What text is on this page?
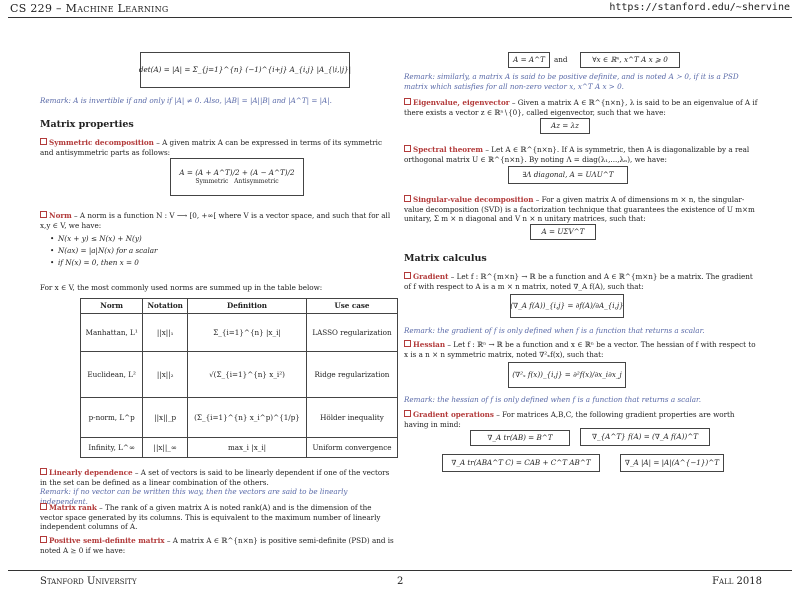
CS 229 – Machine Learning	https://stanford.edu/~shervine
det(A) = |A| = Σ_{j=1}^{n} (−1)^{i+j} A_{i,j} |A_{\i,\j}|
Remark: A is invertible if and only if |A| ≠ 0. Also, |AB| = |A||B| and |A^T| = |A|.
Matrix properties
Symmetric decomposition – A given matrix A can be expressed in terms of its symmetric and antisymmetric parts as follows:
A = (A + A^T)/2 + (A − A^T)/2
Symmetric Antisymmetric
Norm – A norm is a function N : V ⟶ [0, +∞[ where V is a vector space, and such that for all x,y ∈ V, we have:
• N(x + y) ≤ N(x) + N(y)
• N(ax) = |a|N(x) for a scalar
• if N(x) = 0, then x = 0
For x ∈ V, the most commonly used norms are summed up in the table below:
Norm	Notation	Definition	Use case
Manhattan, L¹	||x||₁	Σ_{i=1}^{n} |x_i|	LASSO regularization
Euclidean, L²	||x||₂	√(Σ_{i=1}^{n} x_i²)	Ridge regularization
p-norm, L^p	||x||_p	(Σ_{i=1}^{n} x_i^p)^{1/p}	Hölder inequality
Infinity, L^∞	||x||_∞	max_i |x_i|	Uniform convergence
Linearly dependence – A set of vectors is said to be linearly dependent if one of the vectors in the set can be defined as a linear combination of the others.
Remark: if no vector can be written this way, then the vectors are said to be linearly independent.
Matrix rank – The rank of a given matrix A is noted rank(A) and is the dimension of the vector space generated by its columns. This is equivalent to the maximum number of linearly independent columns of A.
Positive semi-definite matrix – A matrix A ∈ ℝ^{n×n} is positive semi-definite (PSD) and is noted A ⪰ 0 if we have:
A = A^T	and	∀x ∈ ℝⁿ, x^T A x ⩾ 0
Remark: similarly, a matrix A is said to be positive definite, and is noted A ≻ 0, if it is a PSD matrix which satisfies for all non-zero vector x, x^T A x > 0.
Eigenvalue, eigenvector – Given a matrix A ∈ ℝ^{n×n}, λ is said to be an eigenvalue of A if there exists a vector z ∈ ℝⁿ∖{0}, called eigenvector, such that we have:
Az = λz
Spectral theorem – Let A ∈ ℝ^{n×n}. If A is symmetric, then A is diagonalizable by a real orthogonal matrix U ∈ ℝ^{n×n}. By noting Λ = diag(λ₁,...,λₙ), we have:
∃Λ diagonal, A = UΛU^T
Singular-value decomposition – For a given matrix A of dimensions m × n, the singular-value decomposition (SVD) is a factorization technique that guarantees the existence of U m×m unitary, Σ m × n diagonal and V n × n unitary matrices, such that:
A = UΣV^T
Matrix calculus
Gradient – Let f : ℝ^{m×n} → ℝ be a function and A ∈ ℝ^{m×n} be a matrix. The gradient of f with respect to A is a m × n matrix, noted ∇_A f(A), such that:
(∇_A f(A))_{i,j} = ∂f(A)/∂A_{i,j}
Remark: the gradient of f is only defined when f is a function that returns a scalar.
Hessian – Let f : ℝⁿ → ℝ be a function and x ∈ ℝⁿ be a vector. The hessian of f with respect to x is a n × n symmetric matrix, noted ∇²ₓf(x), such that:
(∇²ₓ f(x))_{i,j} = ∂²f(x)/∂x_i∂x_j
Remark: the hessian of f is only defined when f is a function that returns a scalar.
Gradient operations – For matrices A,B,C, the following gradient properties are worth having in mind:
∇_A tr(AB) = B^T	∇_{A^T} f(A) = (∇_A f(A))^T
∇_A tr(ABA^T C) = CAB + C^T AB^T	∇_A |A| = |A|(A^{−1})^T
Stanford University	2	Fall 2018
